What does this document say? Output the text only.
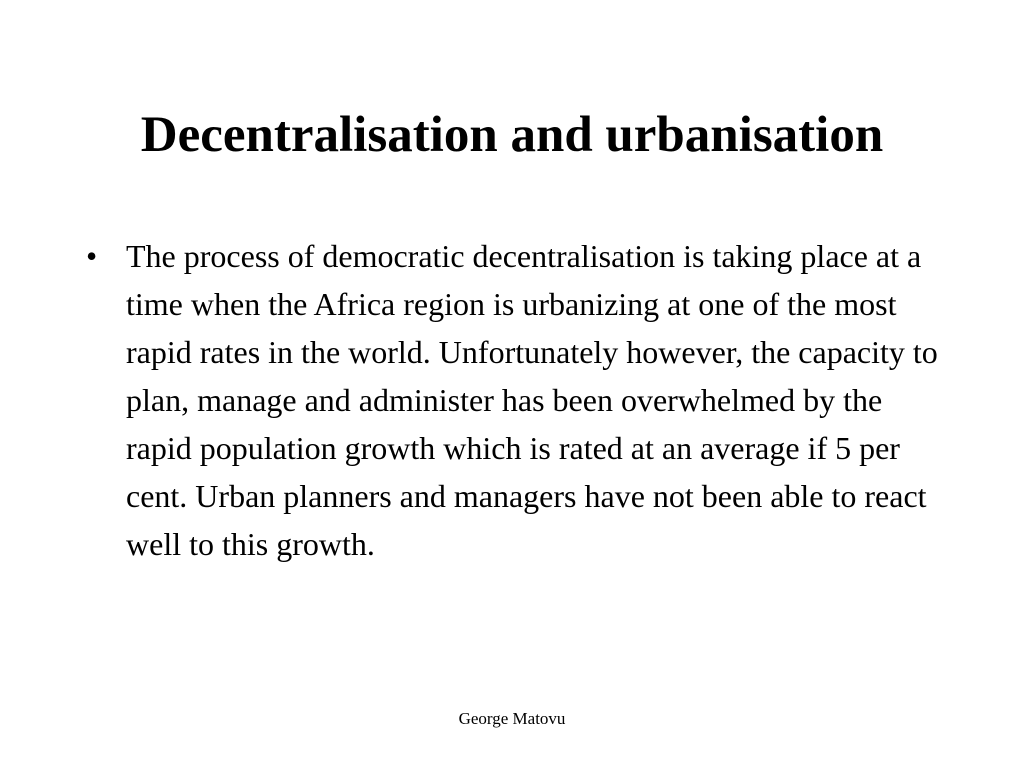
Decentralisation and urbanisation
• The process of democratic decentralisation is taking place at a time when the Africa region is urbanizing at one of the most rapid rates in the world. Unfortunately however, the capacity to plan, manage and administer has been overwhelmed by the rapid population growth which is rated at an average if 5 per cent. Urban planners and managers have not been able to react well to this growth.
George Matovu
